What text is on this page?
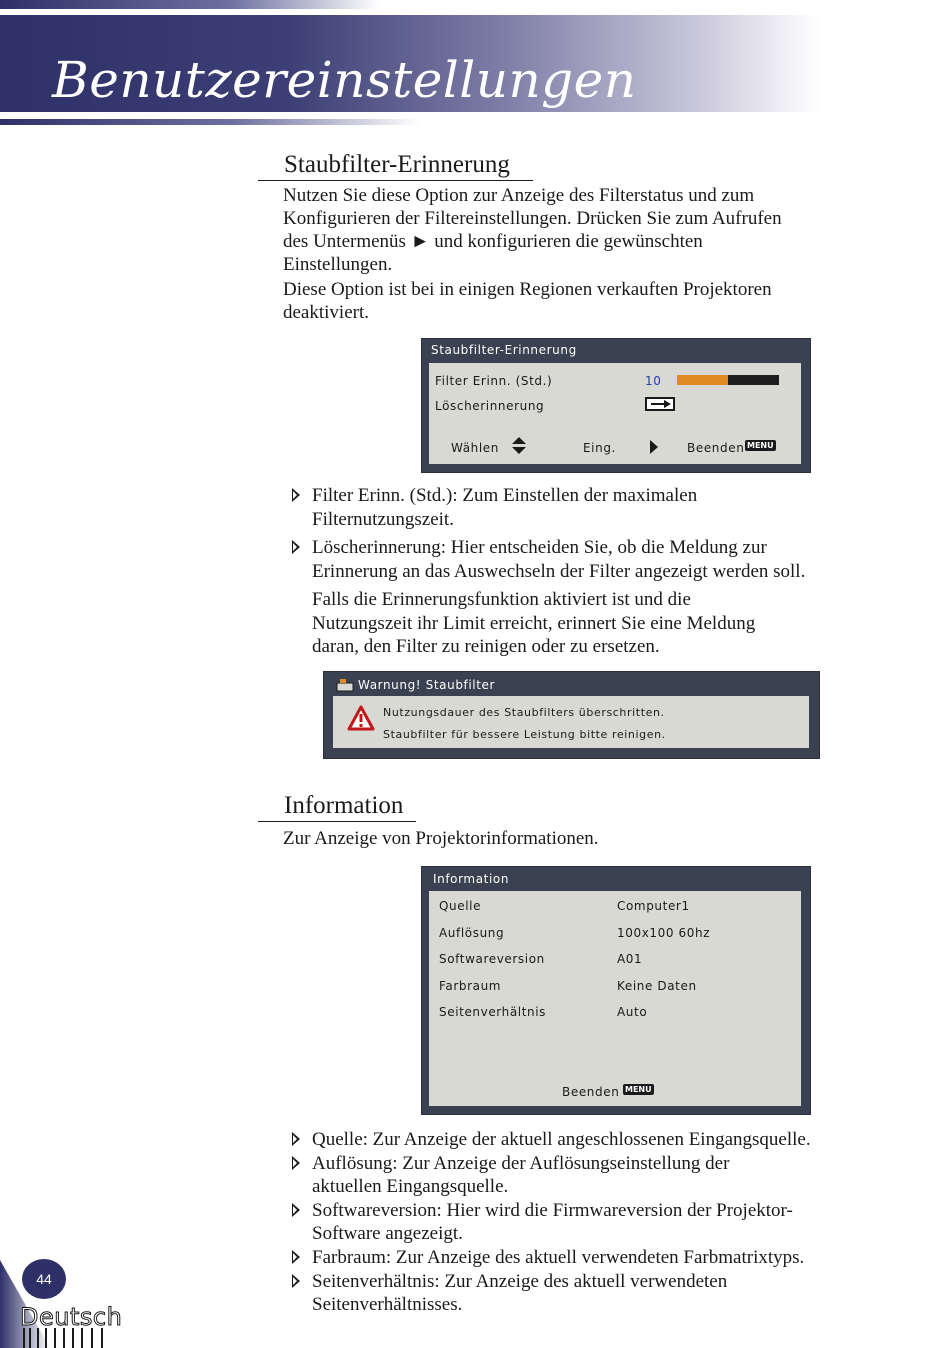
Benutzereinstellungen
Staubfilter-Erinnerung
Nutzen Sie diese Option zur Anzeige des Filterstatus und zum
Konfigurieren der Filtereinstellungen. Drücken Sie zum Aufrufen
des Untermenüs ► und konfigurieren die gewünschten
Einstellungen.
Diese Option ist bei in einigen Regionen verkauften Projektoren
deaktiviert.
Staubfilter-Erinnerung
Filter Erinn. (Std.)	10
Löscherinnerung
Wählen	Eing.	Beenden MENU
Filter Erinn. (Std.): Zum Einstellen der maximalen
Filternutzungszeit.
Löscherinnerung: Hier entscheiden Sie, ob die Meldung zur
Erinnerung an das Auswechseln der Filter angezeigt werden soll.
Falls die Erinnerungsfunktion aktiviert ist und die
Nutzungszeit ihr Limit erreicht, erinnert Sie eine Meldung
daran, den Filter zu reinigen oder zu ersetzen.
Warnung! Staubfilter
Nutzungsdauer des Staubfilters überschritten.
Staubfilter für bessere Leistung bitte reinigen.
Information

Zur Anzeige von Projektorinformationen.

Information
Quelle	Computer1
Auflösung	100x100 60hz
Softwareversion	A01
Farbraum	Keine Daten
Seitenverhältnis	Auto
Beenden MENU
Quelle: Zur Anzeige der aktuell angeschlossenen Eingangsquelle.
Auflösung: Zur Anzeige der Auflösungseinstellung der
aktuellen Eingangsquelle.
Softwareversion: Hier wird die Firmwareversion der Projektor-
Software angezeigt.
Farbraum: Zur Anzeige des aktuell verwendeten Farbmatrixtyps.
Seitenverhältnis: Zur Anzeige des aktuell verwendeten
Seitenverhältnisses.
44
Deutsch
